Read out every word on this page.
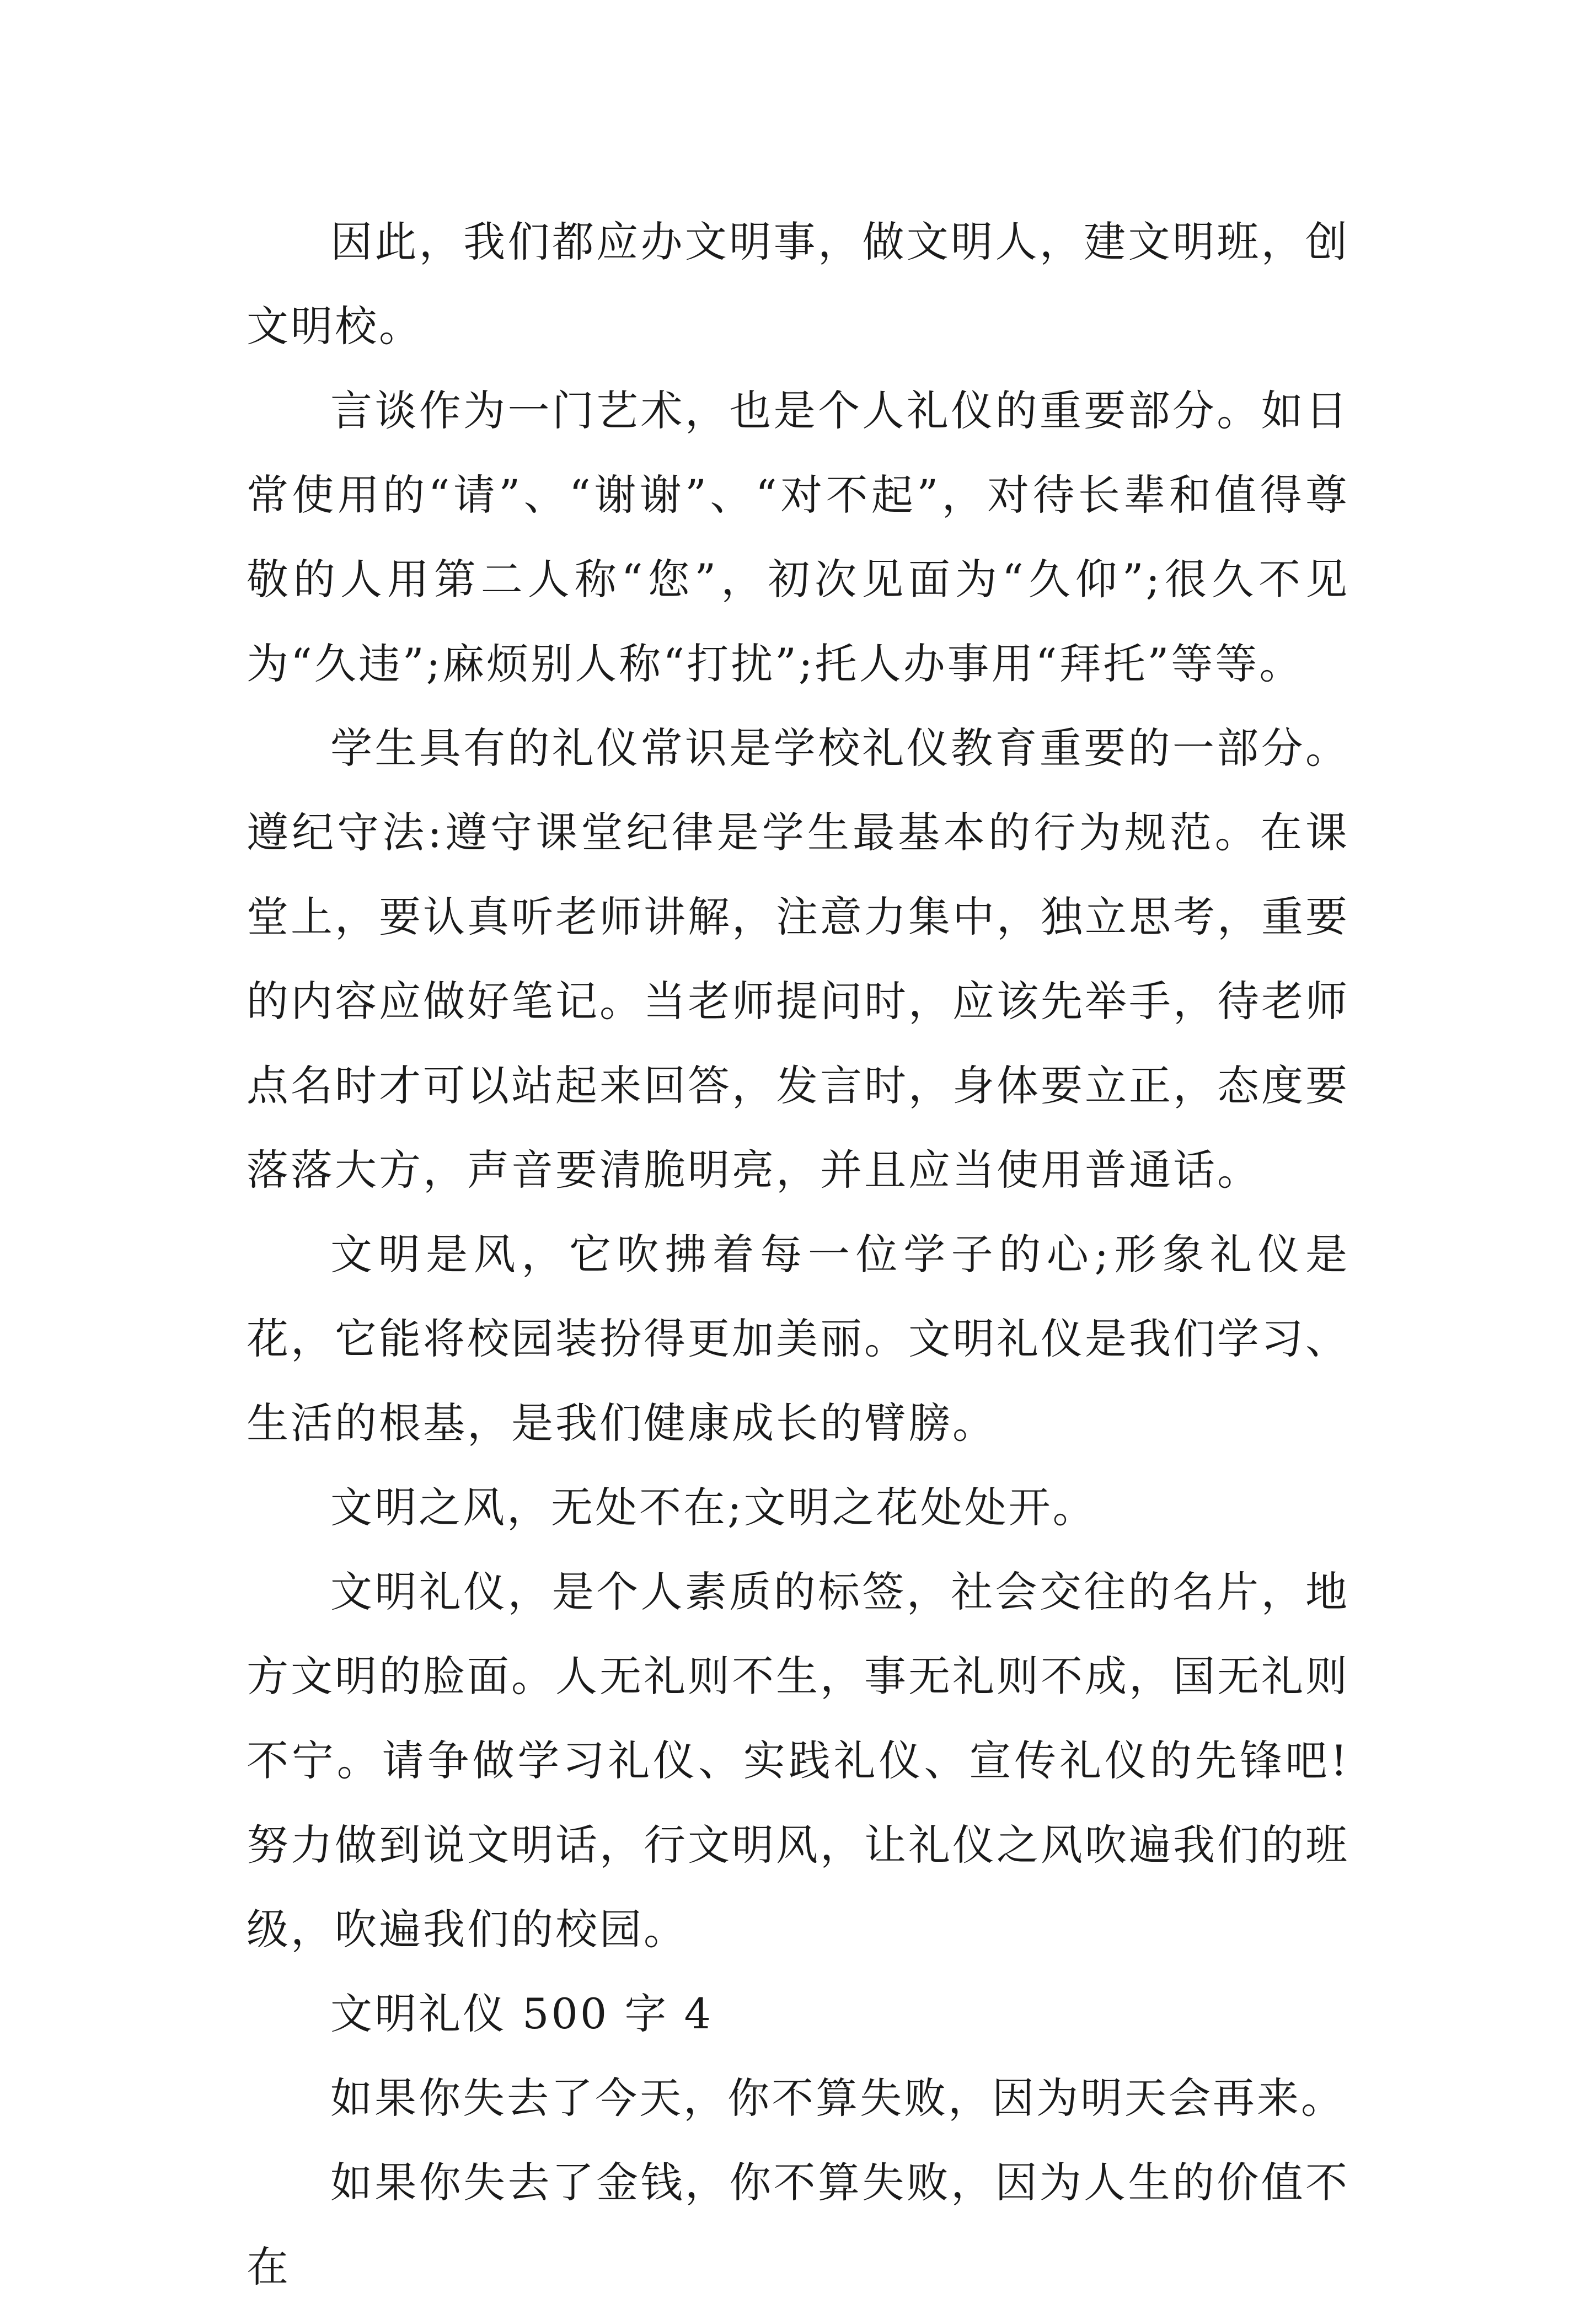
因此，我们都应办文明事，做文明人，建文明班，创文明校。

言谈作为一门艺术，也是个人礼仪的重要部分。如日常使用的“请”、“谢谢”、“对不起”，对待长辈和值得尊敬的人用第二人称“您”，初次见面为“久仰”;很久不见为“久违”;麻烦别人称“打扰”;托人办事用“拜托”等等。

学生具有的礼仪常识是学校礼仪教育重要的一部分。遵纪守法:遵守课堂纪律是学生最基本的行为规范。在课堂上，要认真听老师讲解，注意力集中，独立思考，重要的内容应做好笔记。当老师提问时，应该先举手，待老师点名时才可以站起来回答，发言时，身体要立正，态度要落落大方，声音要清脆明亮，并且应当使用普通话。

文明是风，它吹拂着每一位学子的心;形象礼仪是花，它能将校园装扮得更加美丽。文明礼仪是我们学习、生活的根基，是我们健康成长的臂膀。

文明之风，无处不在;文明之花处处开。

文明礼仪，是个人素质的标签，社会交往的名片，地方文明的脸面。人无礼则不生，事无礼则不成，国无礼则不宁。请争做学习礼仪、实践礼仪、宣传礼仪的先锋吧!努力做到说文明话，行文明风，让礼仪之风吹遍我们的班级，吹遍我们的校园。

文明礼仪 500 字 4

如果你失去了今天，你不算失败，因为明天会再来。

如果你失去了金钱，你不算失败，因为人生的价值不在
